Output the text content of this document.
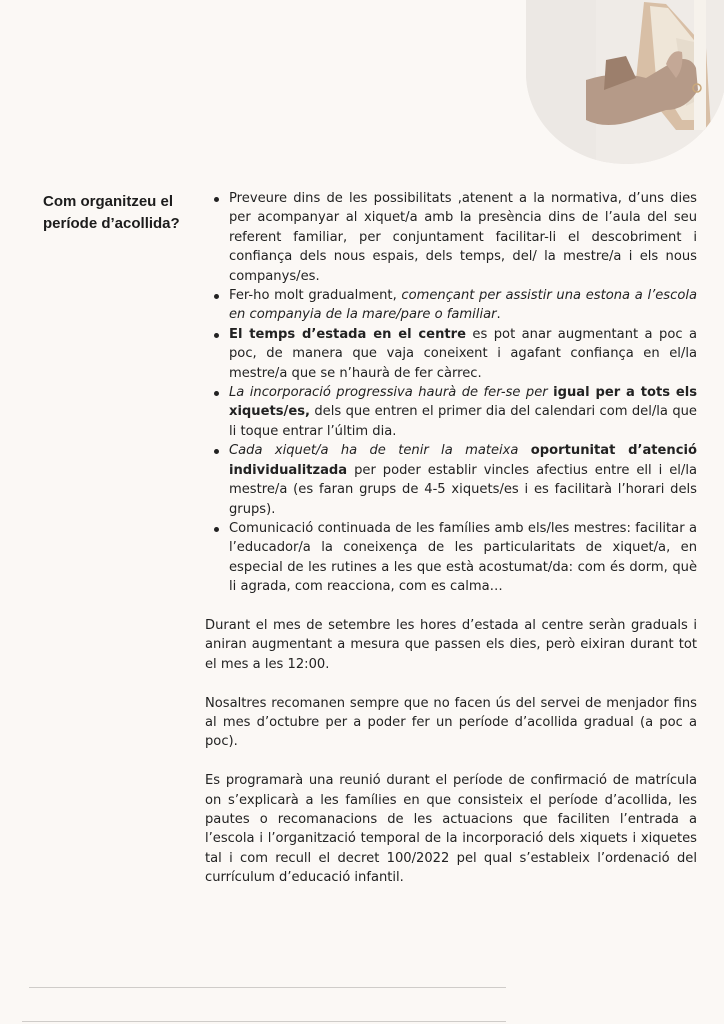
Com organitzeu el període d’acollida?
Preveure dins de les possibilitats ,atenent a la normativa, d’uns dies per acompanyar al xiquet/a amb la presència dins de l’aula del seu referent familiar, per conjuntament facilitar-li el descobriment i confiança dels nous espais, dels temps, del/ la mestre/a i els nous companys/es.
Fer-ho molt gradualment, començant per assistir una estona a l’escola en companyia de la mare/pare o familiar.
El temps d’estada en el centre es pot anar augmentant a poc a poc, de manera que vaja coneixent i agafant confiança en el/la mestre/a que se n’haurà de fer càrrec.
La incorporació progressiva haurà de fer-se per igual per a tots els xiquets/es, dels que entren el primer dia del calendari com del/la que li toque entrar l’últim dia.
Cada xiquet/a ha de tenir la mateixa oportunitat d’atenció individualitzada per poder establir vincles afectius entre ell i el/la mestre/a (es faran grups de 4-5 xiquets/es i es facilitarà l’horari dels grups).
Comunicació continuada de les famílies amb els/les mestres: facilitar a l’educador/a la coneixença de les particularitats de xiquet/a, en especial de les rutines a les que està acostumat/da: com és dorm, què li agrada, com reacciona, com es calma…

Durant el mes de setembre les hores d’estada al centre seràn graduals i aniran augmentant a mesura que passen els dies, però eixiran durant tot el mes a les 12:00.

Nosaltres recomanen sempre que no facen ús del servei de menjador fins al mes d’octubre per a poder fer un període d’acollida gradual (a poc a poc).

Es programarà una reunió durant el període de confirmació de matrícula on s’explicarà a les famílies en que consisteix el període d’acollida, les pautes o recomanacions de les actuacions que faciliten l’entrada a l’escola i l’organització temporal de la incorporació dels xiquets i xiquetes tal i com recull el decret 100/2022 pel qual s’estableix l’ordenació del currículum d’educació infantil.
